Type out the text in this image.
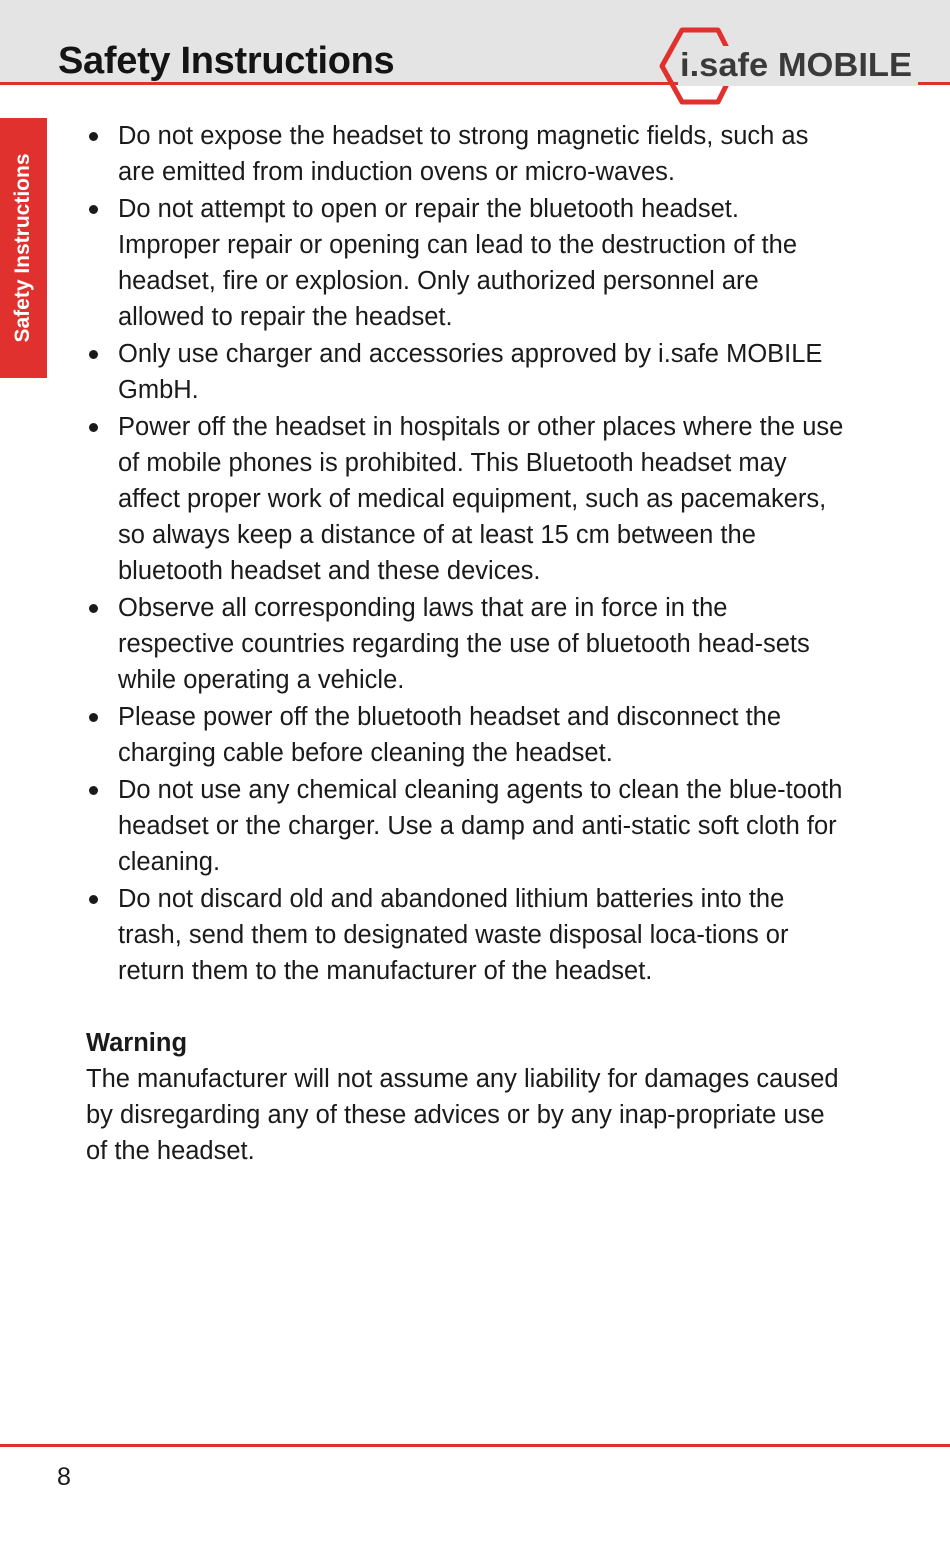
Safety Instructions	i.safe MOBILE
Safety Instructions
Do not expose the headset to strong magnetic fields, such as are emitted from induction ovens or micro-waves.
Do not attempt to open or repair the bluetooth headset. Improper repair or opening can lead to the destruction of the headset, fire or explosion. Only authorized personnel are allowed to repair the headset.
Only use charger and accessories approved by i.safe MOBILE GmbH.
Power off the headset in hospitals or other places where the use of mobile phones is prohibited. This Bluetooth headset may affect proper work of medical equipment, such as pacemakers, so always keep a distance of at least 15 cm between the bluetooth headset and these devices.
Observe all corresponding laws that are in force in the respective countries regarding the use of bluetooth head-sets while operating a vehicle.
Please power off the bluetooth headset and disconnect the charging cable before cleaning the headset.
Do not use any chemical cleaning agents to clean the blue-tooth headset or the charger. Use a damp and anti-static soft cloth for cleaning.
Do not discard old and abandoned lithium batteries into the trash, send them to designated waste disposal loca-tions or return them to the manufacturer of the headset.
Warning

The manufacturer will not assume any liability for damages caused by disregarding any of these advices or by any inap-propriate use of the headset.

8
